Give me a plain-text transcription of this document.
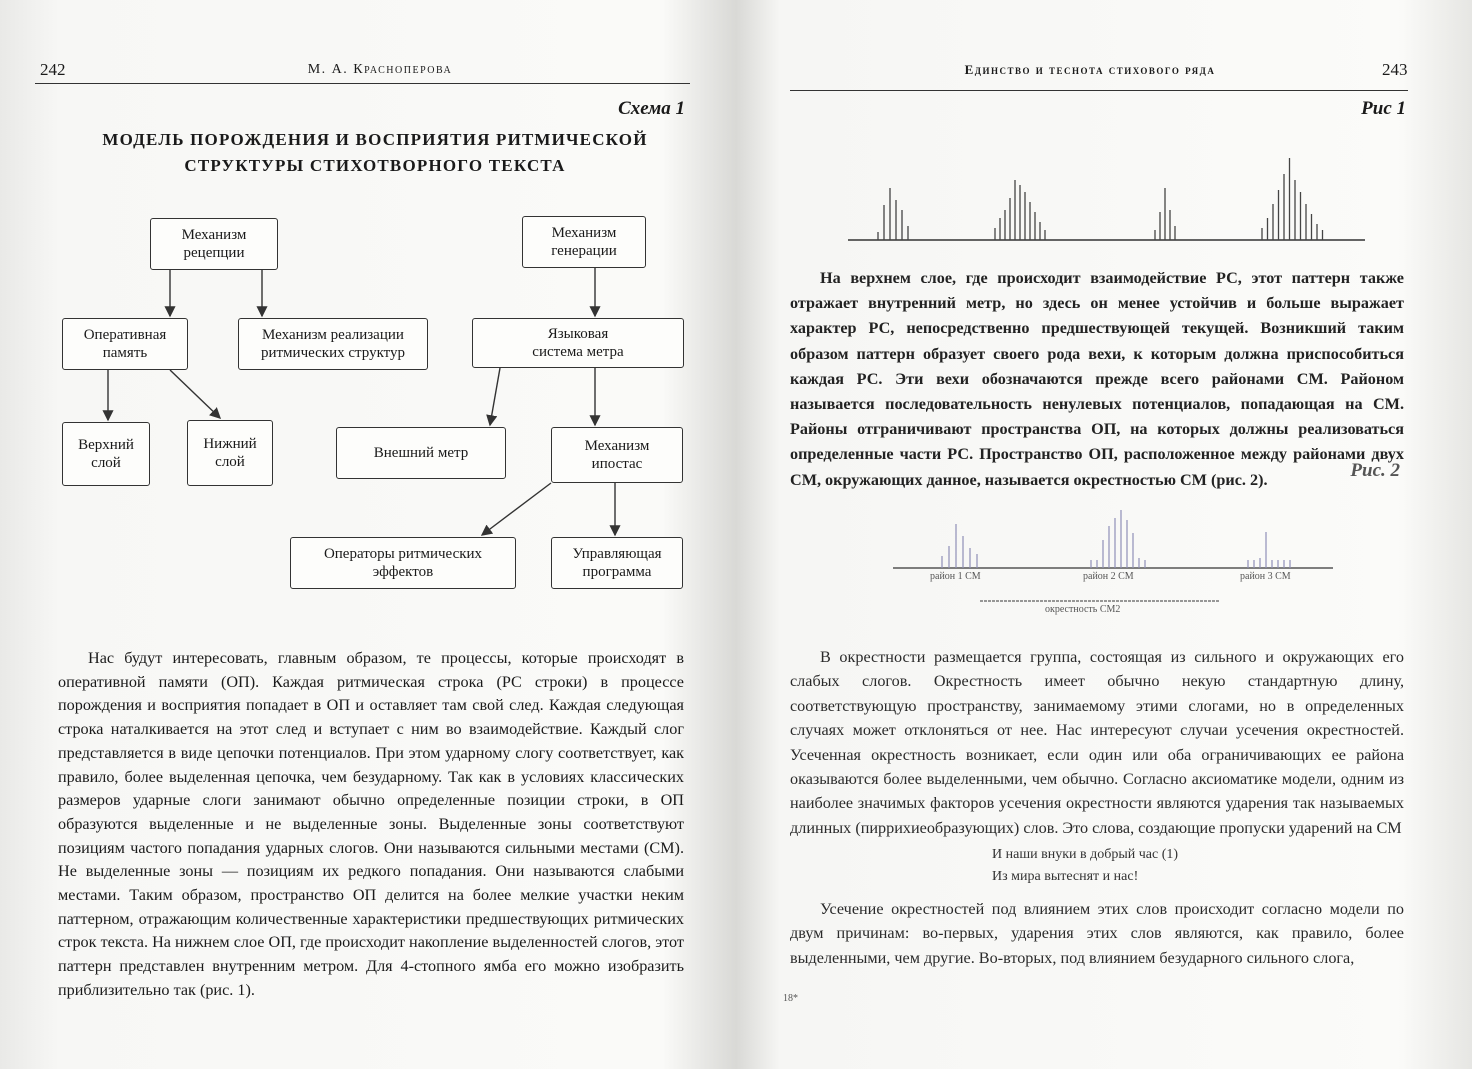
242	М. А. Красноперова
Схема 1
МОДЕЛЬ ПОРОЖДЕНИЯ И ВОСПРИЯТИЯ РИТМИЧЕСКОЙ
СТРУКТУРЫ СТИХОТВОРНОГО ТЕКСТА
Механизм рецепции
Механизм генерации
Оперативная память
Механизм реализации ритмических структур
Языковая система метра
Верхний слой
Нижний слой
Внешний метр	Механизм ипостас
Операторы ритмических эффектов
Управляющая программа
Нас будут интересовать, главным образом, те процессы, которые происходят в оперативной памяти (ОП). Каждая ритмическая строка (РС строки) в процессе порождения и восприятия попадает в ОП и оставляет там свой след. Каждая следующая строка наталкивается на этот след и вступает с ним во взаимодействие. Каждый слог представляется в виде цепочки потенциалов. При этом ударному слогу соответствует, как правило, более выделенная цепочка, чем безударному. Так как в условиях классических размеров ударные слоги занимают обычно определенные позиции строки, в ОП образуются выделенные и не выделенные зоны. Выделенные зоны соответствуют позициям частого попадания ударных слогов. Они называются сильными местами (СМ). Не выделенные зоны — позициям их редкого попадания. Они называются слабыми местами. Таким образом, пространство ОП делится на более мелкие участки неким паттерном, отражающим количественные характеристики предшествующих ритмических строк текста. На нижнем слое ОП, где происходит накопление выделенностей слогов, этот паттерн представлен внутренним метром. Для 4-стопного ямба его можно изобразить приблизительно так (рис. 1).
Единство и теснота стихового ряда	243
Рис 1
На верхнем слое, где происходит взаимодействие РС, этот паттерн также отражает внутренний метр, но здесь он менее устойчив и больше выражает характер РС, непосредственно предшествующей текущей. Возникший таким образом паттерн образует своего рода вехи, к которым должна приспособиться каждая РС. Эти вехи обозначаются прежде всего районами СМ. Районом называется последовательность ненулевых потенциалов, попадающая на СМ. Районы отграничивают пространства ОП, на которых должны реализоваться определенные части РС. Пространство ОП, расположенное между районами двух СМ, окружающих данное, называется окрестностью СМ (рис. 2).	Рис. 2
район 1 СМ	район 2 СМ	район 3 СМ
окрестность СМ2
В окрестности размещается группа, состоящая из сильного и окружающих его слабых слогов. Окрестность имеет обычно некую стандартную длину, соответствующую пространству, занимаемому этими слогами, но в определенных случаях может отклоняться от нее. Нас интересуют случаи усечения окрестностей. Усеченная окрестность возникает, если один или оба ограничивающих ее района оказываются более выделенными, чем обычно. Согласно аксиоматике модели, одним из наиболее значимых факторов усечения окрестности являются ударения так называемых длинных (пиррихиеобразующих) слов. Это слова, создающие пропуски ударений на СМ
И наши внуки в добрый час (1)
Из мира вытеснят и нас!
Усечение окрестностей под влиянием этих слов происходит согласно модели по двум причинам: во-первых, ударения этих слов являются, как правило, более выделенными, чем другие. Во-вторых, под влиянием безударного сильного слога,
18*
